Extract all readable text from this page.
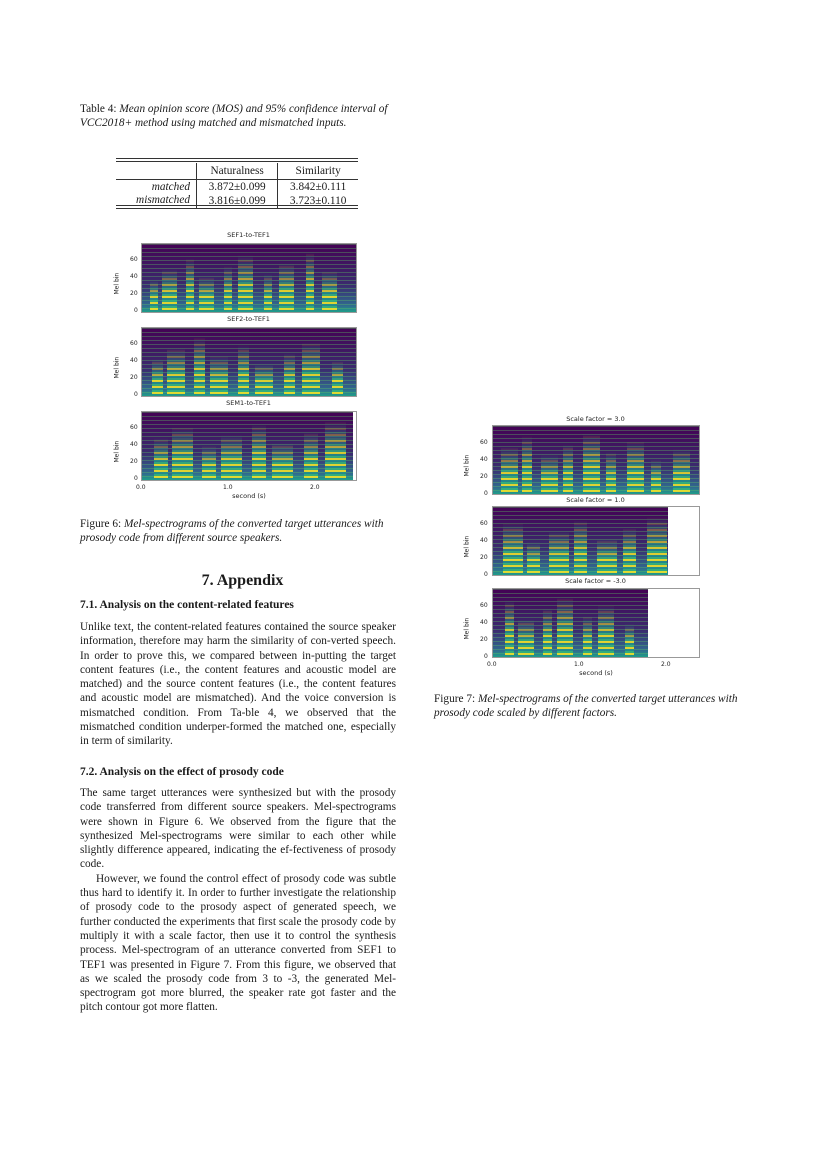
Table 4: Mean opinion score (MOS) and 95% confidence interval of VCC2018+ method using matched and mismatched inputs.
	Naturalness	Similarity
matched	3.872±0.099	3.842±0.111
mismatched	3.816±0.099	3.723±0.110
SEF1-to-TEF1
60
40
20
0
Mel bin
SEF2-to-TEF1
60
40
20
0
Mel bin
SEM1-to-TEF1
60
40
20
0
Mel bin
0.0	1.0	2.0
second (s)
Figure 6: Mel-spectrograms of the converted target utterances with prosody code from different source speakers.
7. Appendix
7.1. Analysis on the content-related features

Unlike text, the content-related features contained the source speaker information, therefore may harm the similarity of con-verted speech. In order to prove this, we compared between in-putting the target content features (i.e., the content features and acoustic model are matched) and the source content features (i.e., the content features and acoustic model are mismatched). And the voice conversion is mismatched condition. From Ta-ble 4, we observed that the mismatched condition underper-formed the matched one, especially in term of similarity.

7.2. Analysis on the effect of prosody code

The same target utterances were synthesized but with the prosody code transferred from different source speakers. Mel-spectrograms were shown in Figure 6. We observed from the figure that the synthesized Mel-spectrograms were similar to each other while slightly difference appeared, indicating the ef-fectiveness of prosody code.

However, we found the control effect of prosody code was subtle thus hard to identify it. In order to further investigate the relationship of prosody code to the prosody aspect of generated speech, we further conducted the experiments that first scale the prosody code by multiply it with a scale factor, then use it to control the synthesis process. Mel-spectrogram of an utterance converted from SEF1 to TEF1 was presented in Figure 7. From this figure, we observed that as we scaled the prosody code from 3 to -3, the generated Mel-spectrogram got more blurred, the speaker rate got faster and the pitch contour got more flatten.

Scale factor = 3.0
60
40
20
0
Mel bin
Scale factor = 1.0
60
40
20
0
Mel bin
Scale factor = -3.0
60
40
20
0
Mel bin
0.0	1.0	2.0
second (s)
Figure 7: Mel-spectrograms of the converted target utterances with prosody code scaled by different factors.
